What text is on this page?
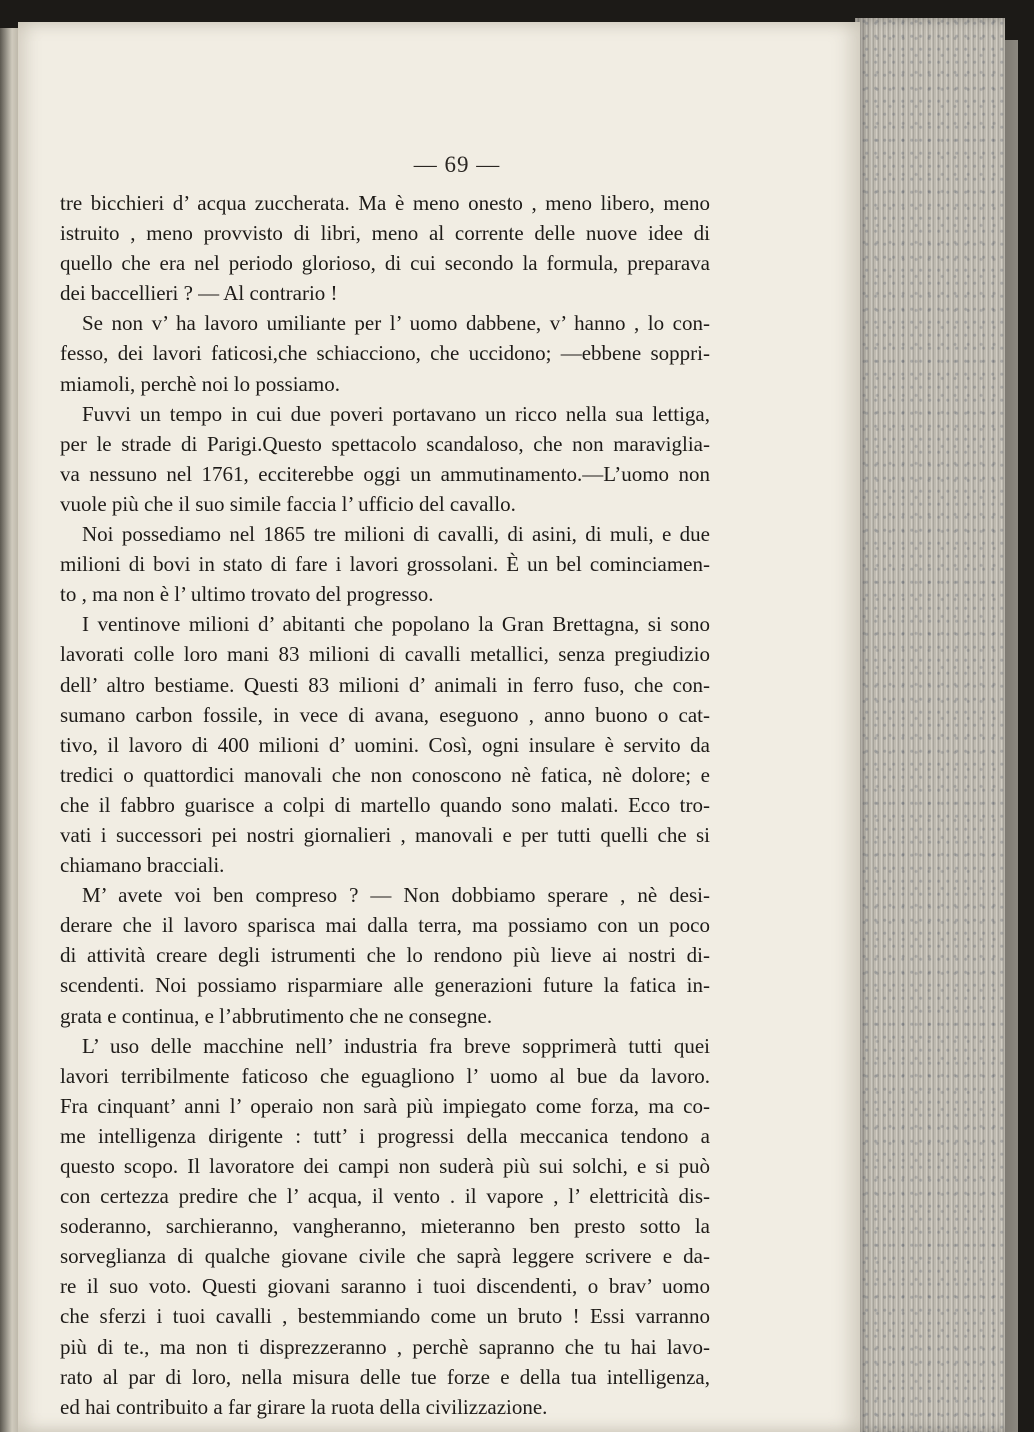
— 69 —
tre bicchieri d’ acqua zuccherata. Ma è meno onesto , meno libero, meno
istruito , meno provvisto di libri, meno al corrente delle nuove idee di
quello che era nel periodo glorioso, di cui secondo la formula, preparava
dei baccellieri ? — Al contrario !
Se non v’ ha lavoro umiliante per l’ uomo dabbene, v’ hanno , lo con-
fesso, dei lavori faticosi,che schiacciono, che uccidono; —ebbene soppri-
miamoli, perchè noi lo possiamo.
Fuvvi un tempo in cui due poveri portavano un ricco nella sua lettiga,
per le strade di Parigi.Questo spettacolo scandaloso, che non maraviglia-
va nessuno nel 1761, ecciterebbe oggi un ammutinamento.—L’uomo non
vuole più che il suo simile faccia l’ ufficio del cavallo.
Noi possediamo nel 1865 tre milioni di cavalli, di asini, di muli, e due
milioni di bovi in stato di fare i lavori grossolani. È un bel cominciamen-
to , ma non è l’ ultimo trovato del progresso.
I ventinove milioni d’ abitanti che popolano la Gran Brettagna, si sono
lavorati colle loro mani 83 milioni di cavalli metallici, senza pregiudizio
dell’ altro bestiame. Questi 83 milioni d’ animali in ferro fuso, che con-
sumano carbon fossile, in vece di avana, eseguono , anno buono o cat-
tivo, il lavoro di 400 milioni d’ uomini. Così, ogni insulare è servito da
tredici o quattordici manovali che non conoscono nè fatica, nè dolore; e
che il fabbro guarisce a colpi di martello quando sono malati. Ecco tro-
vati i successori pei nostri giornalieri , manovali e per tutti quelli che si
chiamano bracciali.
M’ avete voi ben compreso ? — Non dobbiamo sperare , nè desi-
derare che il lavoro sparisca mai dalla terra, ma possiamo con un poco
di attività creare degli istrumenti che lo rendono più lieve ai nostri di-
scendenti. Noi possiamo risparmiare alle generazioni future la fatica in-
grata e continua, e l’abbrutimento che ne consegne.
L’ uso delle macchine nell’ industria fra breve sopprimerà tutti quei
lavori terribilmente faticoso che eguagliono l’ uomo al bue da lavoro.
Fra cinquant’ anni l’ operaio non sarà più impiegato come forza, ma co-
me intelligenza dirigente : tutt’ i progressi della meccanica tendono a
questo scopo. Il lavoratore dei campi non suderà più sui solchi, e si può
con certezza predire che l’ acqua, il vento . il vapore , l’ elettricità dis-
soderanno, sarchieranno, vangheranno, mieteranno ben presto sotto la
sorveglianza di qualche giovane civile che saprà leggere scrivere e da-
re il suo voto. Questi giovani saranno i tuoi discendenti, o brav’ uomo
che sferzi i tuoi cavalli , bestemmiando come un bruto ! Essi varranno
più di te., ma non ti disprezzeranno , perchè sapranno che tu hai lavo-
rato al par di loro, nella misura delle tue forze e della tua intelligenza,
ed hai contribuito a far girare la ruota della civilizzazione.
